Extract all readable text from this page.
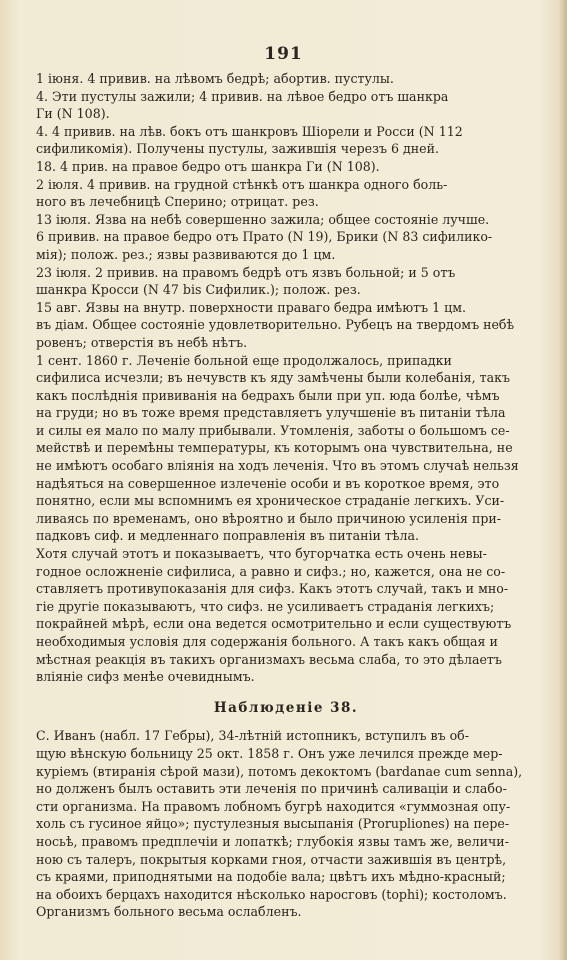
191
1 іюня. 4 привив. на лѣвомъ бедрѣ; абортив. пустулы.
4. Эти пустулы зажили; 4 привив. на лѣвое бедро отъ шанкра
Ги (N 108).
4. 4 привив. на лѣв. бокъ отъ шанкровъ Шіорели и Росси (N 112
сифиликомія). Получены пустулы, зажившія черезъ 6 дней.
18. 4 прив. на правое бедро отъ шанкра Ги (N 108).
2 іюля. 4 привив. на грудной стѣнкѣ отъ шанкра одного боль-
ного въ лечебницѣ Сперино; отрицат. рез.
13 іюля. Язва на небѣ совершенно зажила; общее состояніе лучше.
6 привив. на правое бедро отъ Прато (N 19), Брики (N 83 сифилико-
мія); полож. рез.; язвы развиваются до 1 цм.
23 іюля. 2 привив. на правомъ бедрѣ отъ язвъ больной; и 5 отъ
шанкра Кросси (N 47 bis Сифилик.); полож. рез.
15 авг. Язвы на внутр. поверхности праваго бедра имѣютъ 1 цм.
въ діам. Общее состояніе удовлетворительно. Рубецъ на твердомъ небѣ
ровенъ; отверстія въ небѣ нѣтъ.
1 сент. 1860 г. Леченіе больной еще продолжалось, припадки
сифилиса исчезли; въ нечувств къ яду замѣчены были колебанія, такъ
какъ послѣднія прививанія на бедрахъ были при уп. юда болѣе, чѣмъ
на груди; но въ тоже время представляетъ улучшеніе въ питаніи тѣла
и силы ея мало по малу прибывали. Утомленія, заботы о большомъ се-
мействѣ и перемѣны температуры, къ которымъ она чувствительна, не
не имѣютъ особаго вліянія на ходъ леченія. Что въ этомъ случаѣ нельзя
надѣяться на совершенное излеченіе особи и въ короткое время, это
понятно, если мы вспомнимъ ея хроническое страданіе легкихъ. Уси-
ливаясь по временамъ, оно вѣроятно и было причиною усиленія при-
падковъ сиф. и медленнаго поправленія въ питаніи тѣла.
Хотя случай этотъ и показываетъ, что бугорчатка есть очень невы-
годное осложненіе сифилиса, а равно и сифз.; но, кажется, она не со-
ставляетъ противупоказанія для сифз. Какъ этотъ случай, такъ и мно-
гіе другіе показываютъ, что сифз. не усиливаетъ страданія легкихъ;
покрайней мѣрѣ, если она ведется осмотрительно и если существуютъ
необходимыя условія для содержанія больного. А такъ какъ общая и
мѣстная реакція въ такихъ организмахъ весьма слаба, то это дѣлаетъ
вліяніе сифз менѣе очевиднымъ.
Наблюденіе 38.
С. Иванъ (набл. 17 Гебры), 34-лѣтній истопникъ, вступилъ въ об-
щую вѣнскую больницу 25 окт. 1858 г. Онъ уже лечился прежде мер-
куріемъ (втиранія сѣрой мази), потомъ декоктомъ (bardanae cum senna),
но долженъ былъ оставить эти леченія по причинѣ саливаціи и слабо-
сти организма. На правомъ лобномъ бугрѣ находится «гуммозная опу-
холь съ гусиное яйцо»; пустулезныя высыпанія (Prorupliones) на пере-
носьѣ, правомъ предплечіи и лопаткѣ; глубокія язвы тамъ же, величи-
ною съ талеръ, покрытыя корками гноя, отчасти зажившія въ центрѣ,
съ краями, приподнятыми на подобіе вала; цвѣтъ ихъ мѣдно-красный;
на обоихъ берцахъ находится нѣсколько наросговъ (tophi); костоломъ.
Организмъ больного весьма ослабленъ.
